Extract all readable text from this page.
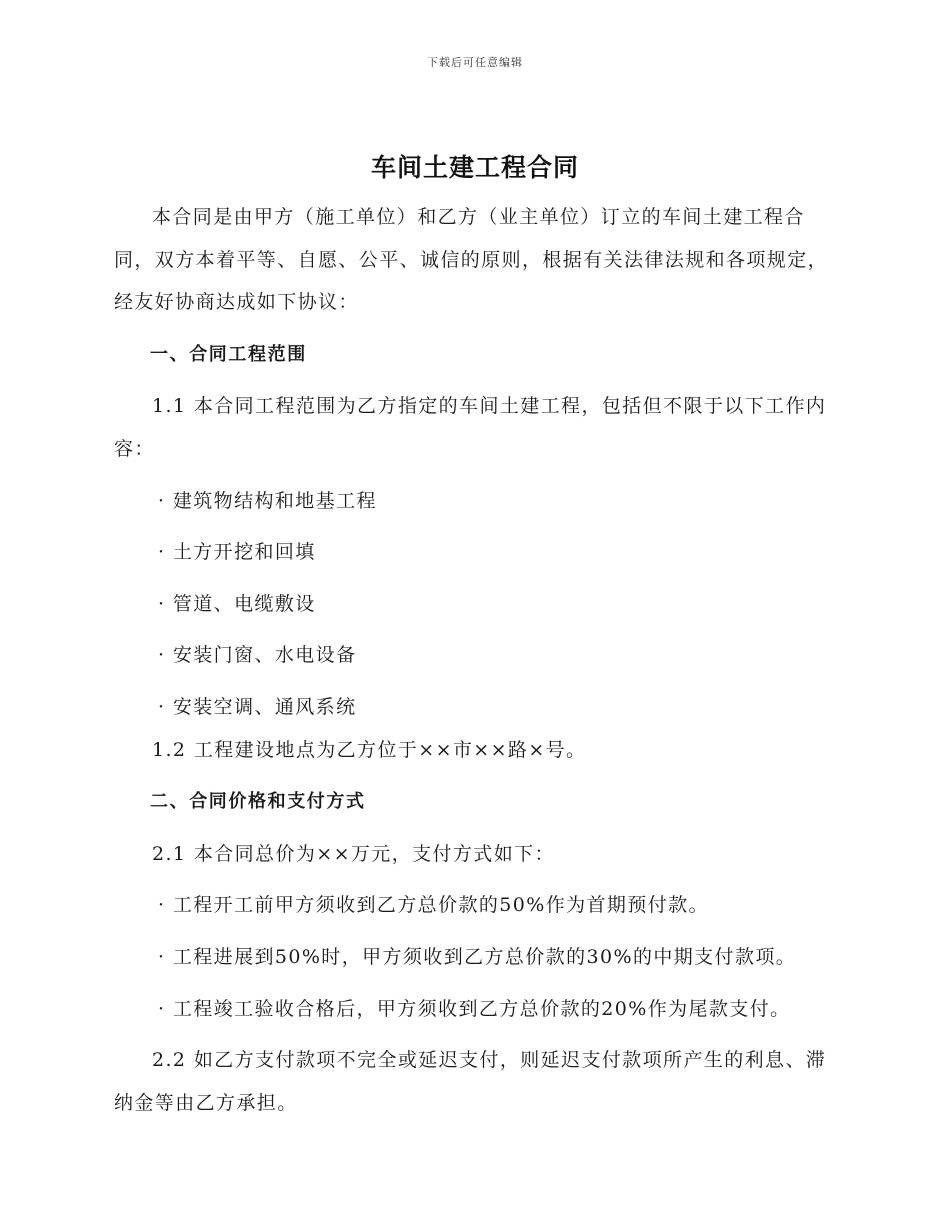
下载后可任意编辑
车间土建工程合同

本合同是由甲方（施工单位）和乙方（业主单位）订立的车间土建工程合同，双方本着平等、自愿、公平、诚信的原则，根据有关法律法规和各项规定，经友好协商达成如下协议：

一、合同工程范围

1.1 本合同工程范围为乙方指定的车间土建工程，包括但不限于以下工作内容：

· 建筑物结构和地基工程

· 土方开挖和回填

· 管道、电缆敷设

· 安装门窗、水电设备

· 安装空调、通风系统

1.2 工程建设地点为乙方位于××市××路×号。

二、合同价格和支付方式

2.1 本合同总价为××万元，支付方式如下：

· 工程开工前甲方须收到乙方总价款的50%作为首期预付款。

· 工程进展到50%时，甲方须收到乙方总价款的30%的中期支付款项。

· 工程竣工验收合格后，甲方须收到乙方总价款的20%作为尾款支付。

2.2 如乙方支付款项不完全或延迟支付，则延迟支付款项所产生的利息、滞纳金等由乙方承担。
